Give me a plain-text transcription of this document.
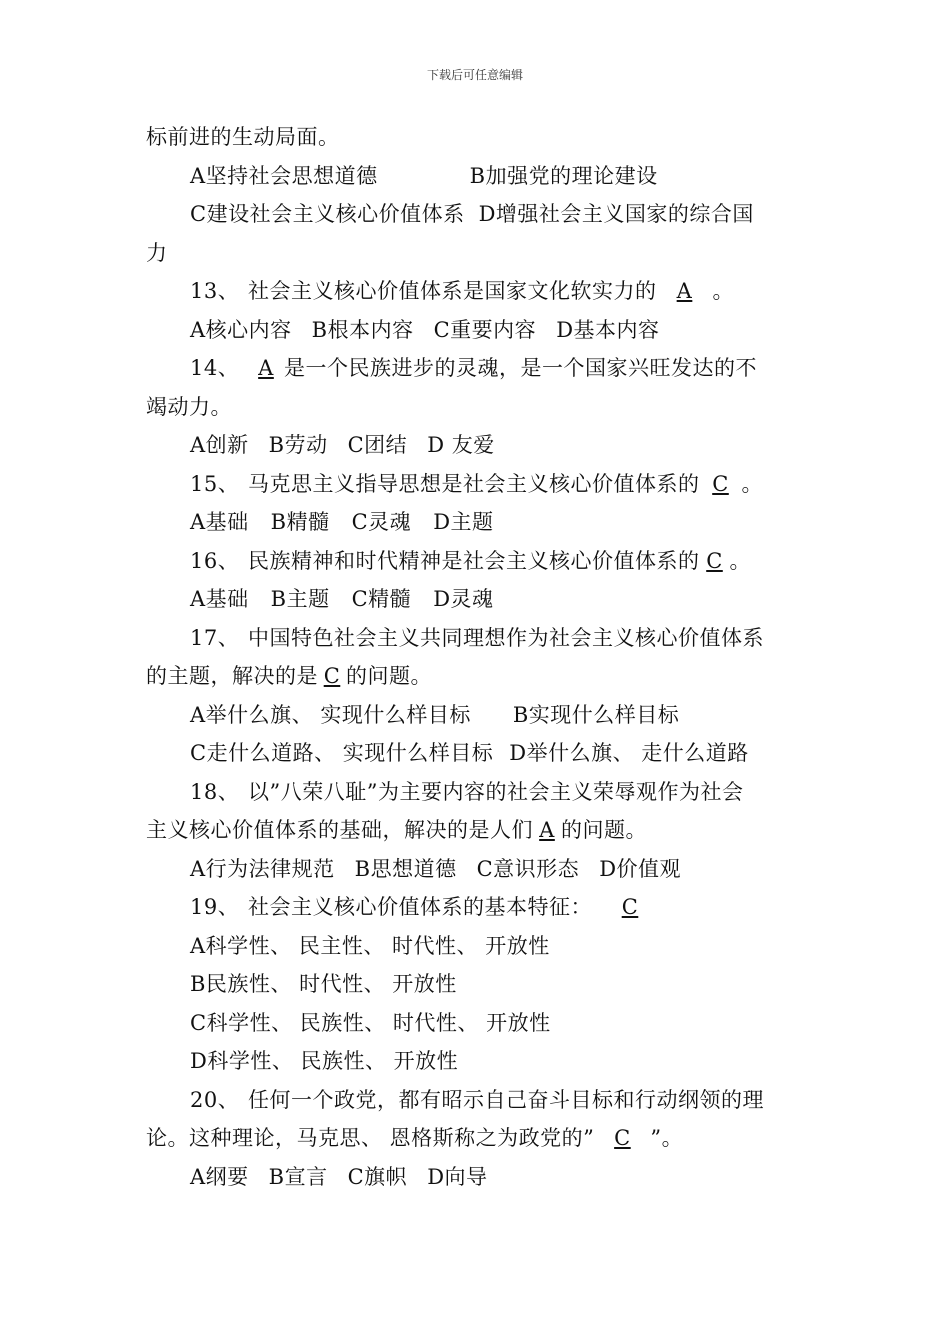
下载后可任意编辑
标前进的生动局面。
A坚持社会思想道德	B加强党的理论建设
C建设社会主义核心价值体系 D增强社会主义国家的综合国
力
13、 社会主义核心价值体系是国家文化软实力的 A 。
A核心内容 B根本内容 C重要内容 D基本内容
14、 A 是一个民族进步的灵魂，是一个国家兴旺发达的不
竭动力。
A创新 B劳动 C团结 D 友爱
15、 马克思主义指导思想是社会主义核心价值体系的 C 。
A基础 B精髓 C灵魂 D主题
16、 民族精神和时代精神是社会主义核心价值体系的 C 。
A基础 B主题 C精髓 D灵魂
17、 中国特色社会主义共同理想作为社会主义核心价值体系
的主题，解决的是 C 的问题。
A举什么旗、 实现什么样目标 B实现什么样目标
C走什么道路、 实现什么样目标 D举什么旗、 走什么道路
18、 以”八荣八耻”为主要内容的社会主义荣辱观作为社会
主义核心价值体系的基础，解决的是人们 A 的问题。
A行为法律规范 B思想道德 C意识形态 D价值观
19、 社会主义核心价值体系的基本特征： C
A科学性、 民主性、 时代性、 开放性
B民族性、 时代性、 开放性
C科学性、 民族性、 时代性、 开放性
D科学性、 民族性、 开放性
20、 任何一个政党，都有昭示自己奋斗目标和行动纲领的理
论。这种理论，马克思、 恩格斯称之为政党的” C ”。
A纲要 B宣言 C旗帜 D向导
